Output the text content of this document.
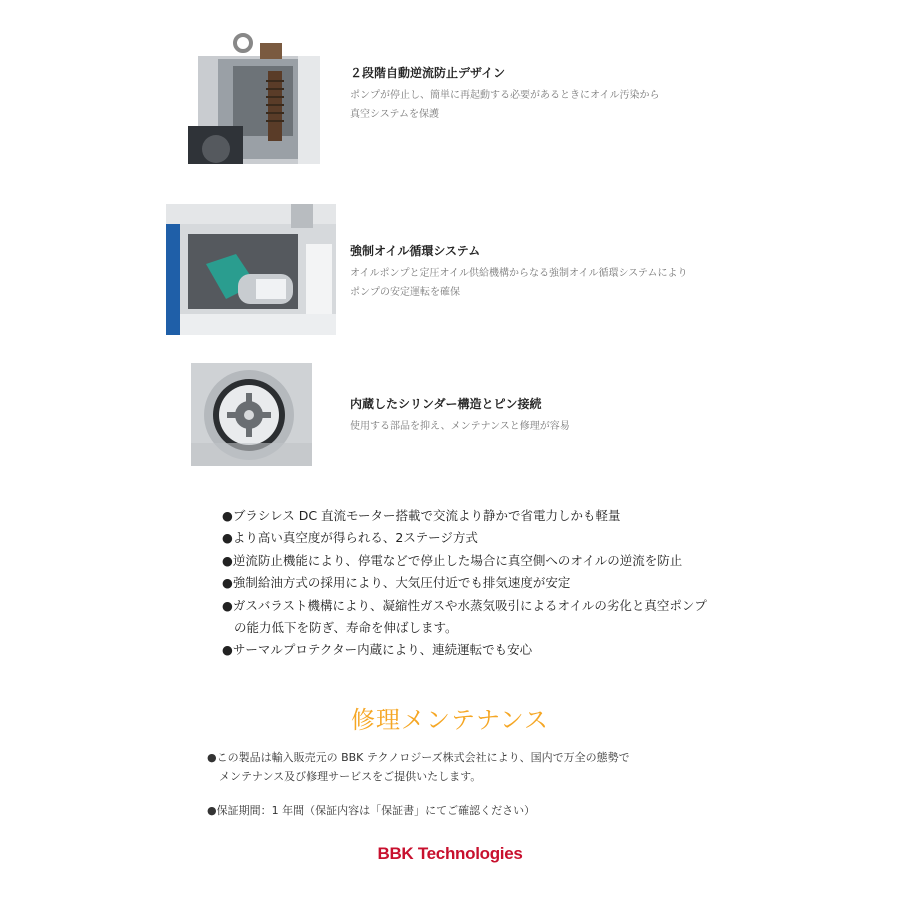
２段階自動逆流防止デザイン
ポンプが停止し、簡単に再起動する必要があるときにオイル汚染から
真空システムを保護
強制オイル循環システム
オイルポンプと定圧オイル供給機構からなる強制オイル循環システムにより
ポンプの安定運転を確保
内蔵したシリンダー構造とピン接続
使用する部品を抑え、メンテナンスと修理が容易
●ブラシレス DC 直流モーター搭載で交流より静かで省電力しかも軽量
●より高い真空度が得られる、2ステージ方式
●逆流防止機能により、停電などで停止した場合に真空側へのオイルの逆流を防止
●強制給油方式の採用により、大気圧付近でも排気速度が安定
●ガスバラスト機構により、凝縮性ガスや水蒸気吸引によるオイルの劣化と真空ポンプ
の能力低下を防ぎ、寿命を伸ばします。
●サーマルプロテクター内蔵により、連続運転でも安心
修理メンテナンス
●この製品は輸入販売元の BBK テクノロジーズ株式会社により、国内で万全の態勢で
メンテナンス及び修理サービスをご提供いたします。
●保証期間：1 年間（保証内容は「保証書」にてご確認ください）
BBK Technologies
